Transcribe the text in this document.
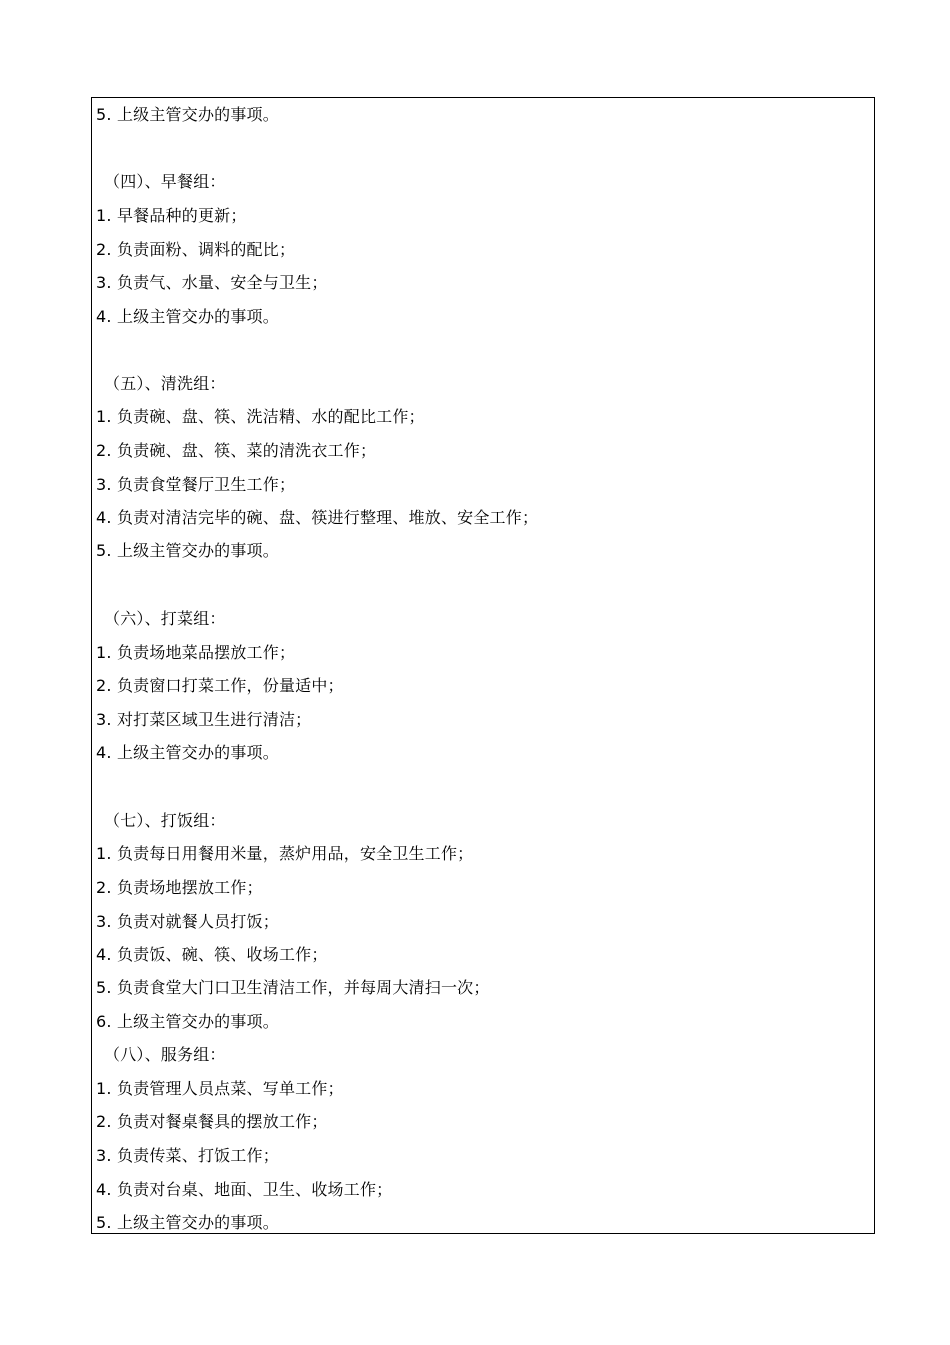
5. 上级主管交办的事项。
（四）、早餐组：
1. 早餐品种的更新；
2. 负责面粉、调料的配比；
3. 负责气、水量、安全与卫生；
4. 上级主管交办的事项。
（五）、清洗组：
1. 负责碗、盘、筷、洗洁精、水的配比工作；
2. 负责碗、盘、筷、菜的清洗衣工作；
3. 负责食堂餐厅卫生工作；
4. 负责对清洁完毕的碗、盘、筷进行整理、堆放、安全工作；
5. 上级主管交办的事项。
（六）、打菜组：
1. 负责场地菜品摆放工作；
2. 负责窗口打菜工作，份量适中；
3. 对打菜区域卫生进行清洁；
4. 上级主管交办的事项。
（七）、打饭组：
1. 负责每日用餐用米量，蒸炉用品，安全卫生工作；
2. 负责场地摆放工作；
3. 负责对就餐人员打饭；
4. 负责饭、碗、筷、收场工作；
5. 负责食堂大门口卫生清洁工作，并每周大清扫一次；
6. 上级主管交办的事项。
（八）、服务组：
1. 负责管理人员点菜、写单工作；
2. 负责对餐桌餐具的摆放工作；
3. 负责传菜、打饭工作；
4. 负责对台桌、地面、卫生、收场工作；
5. 上级主管交办的事项。
